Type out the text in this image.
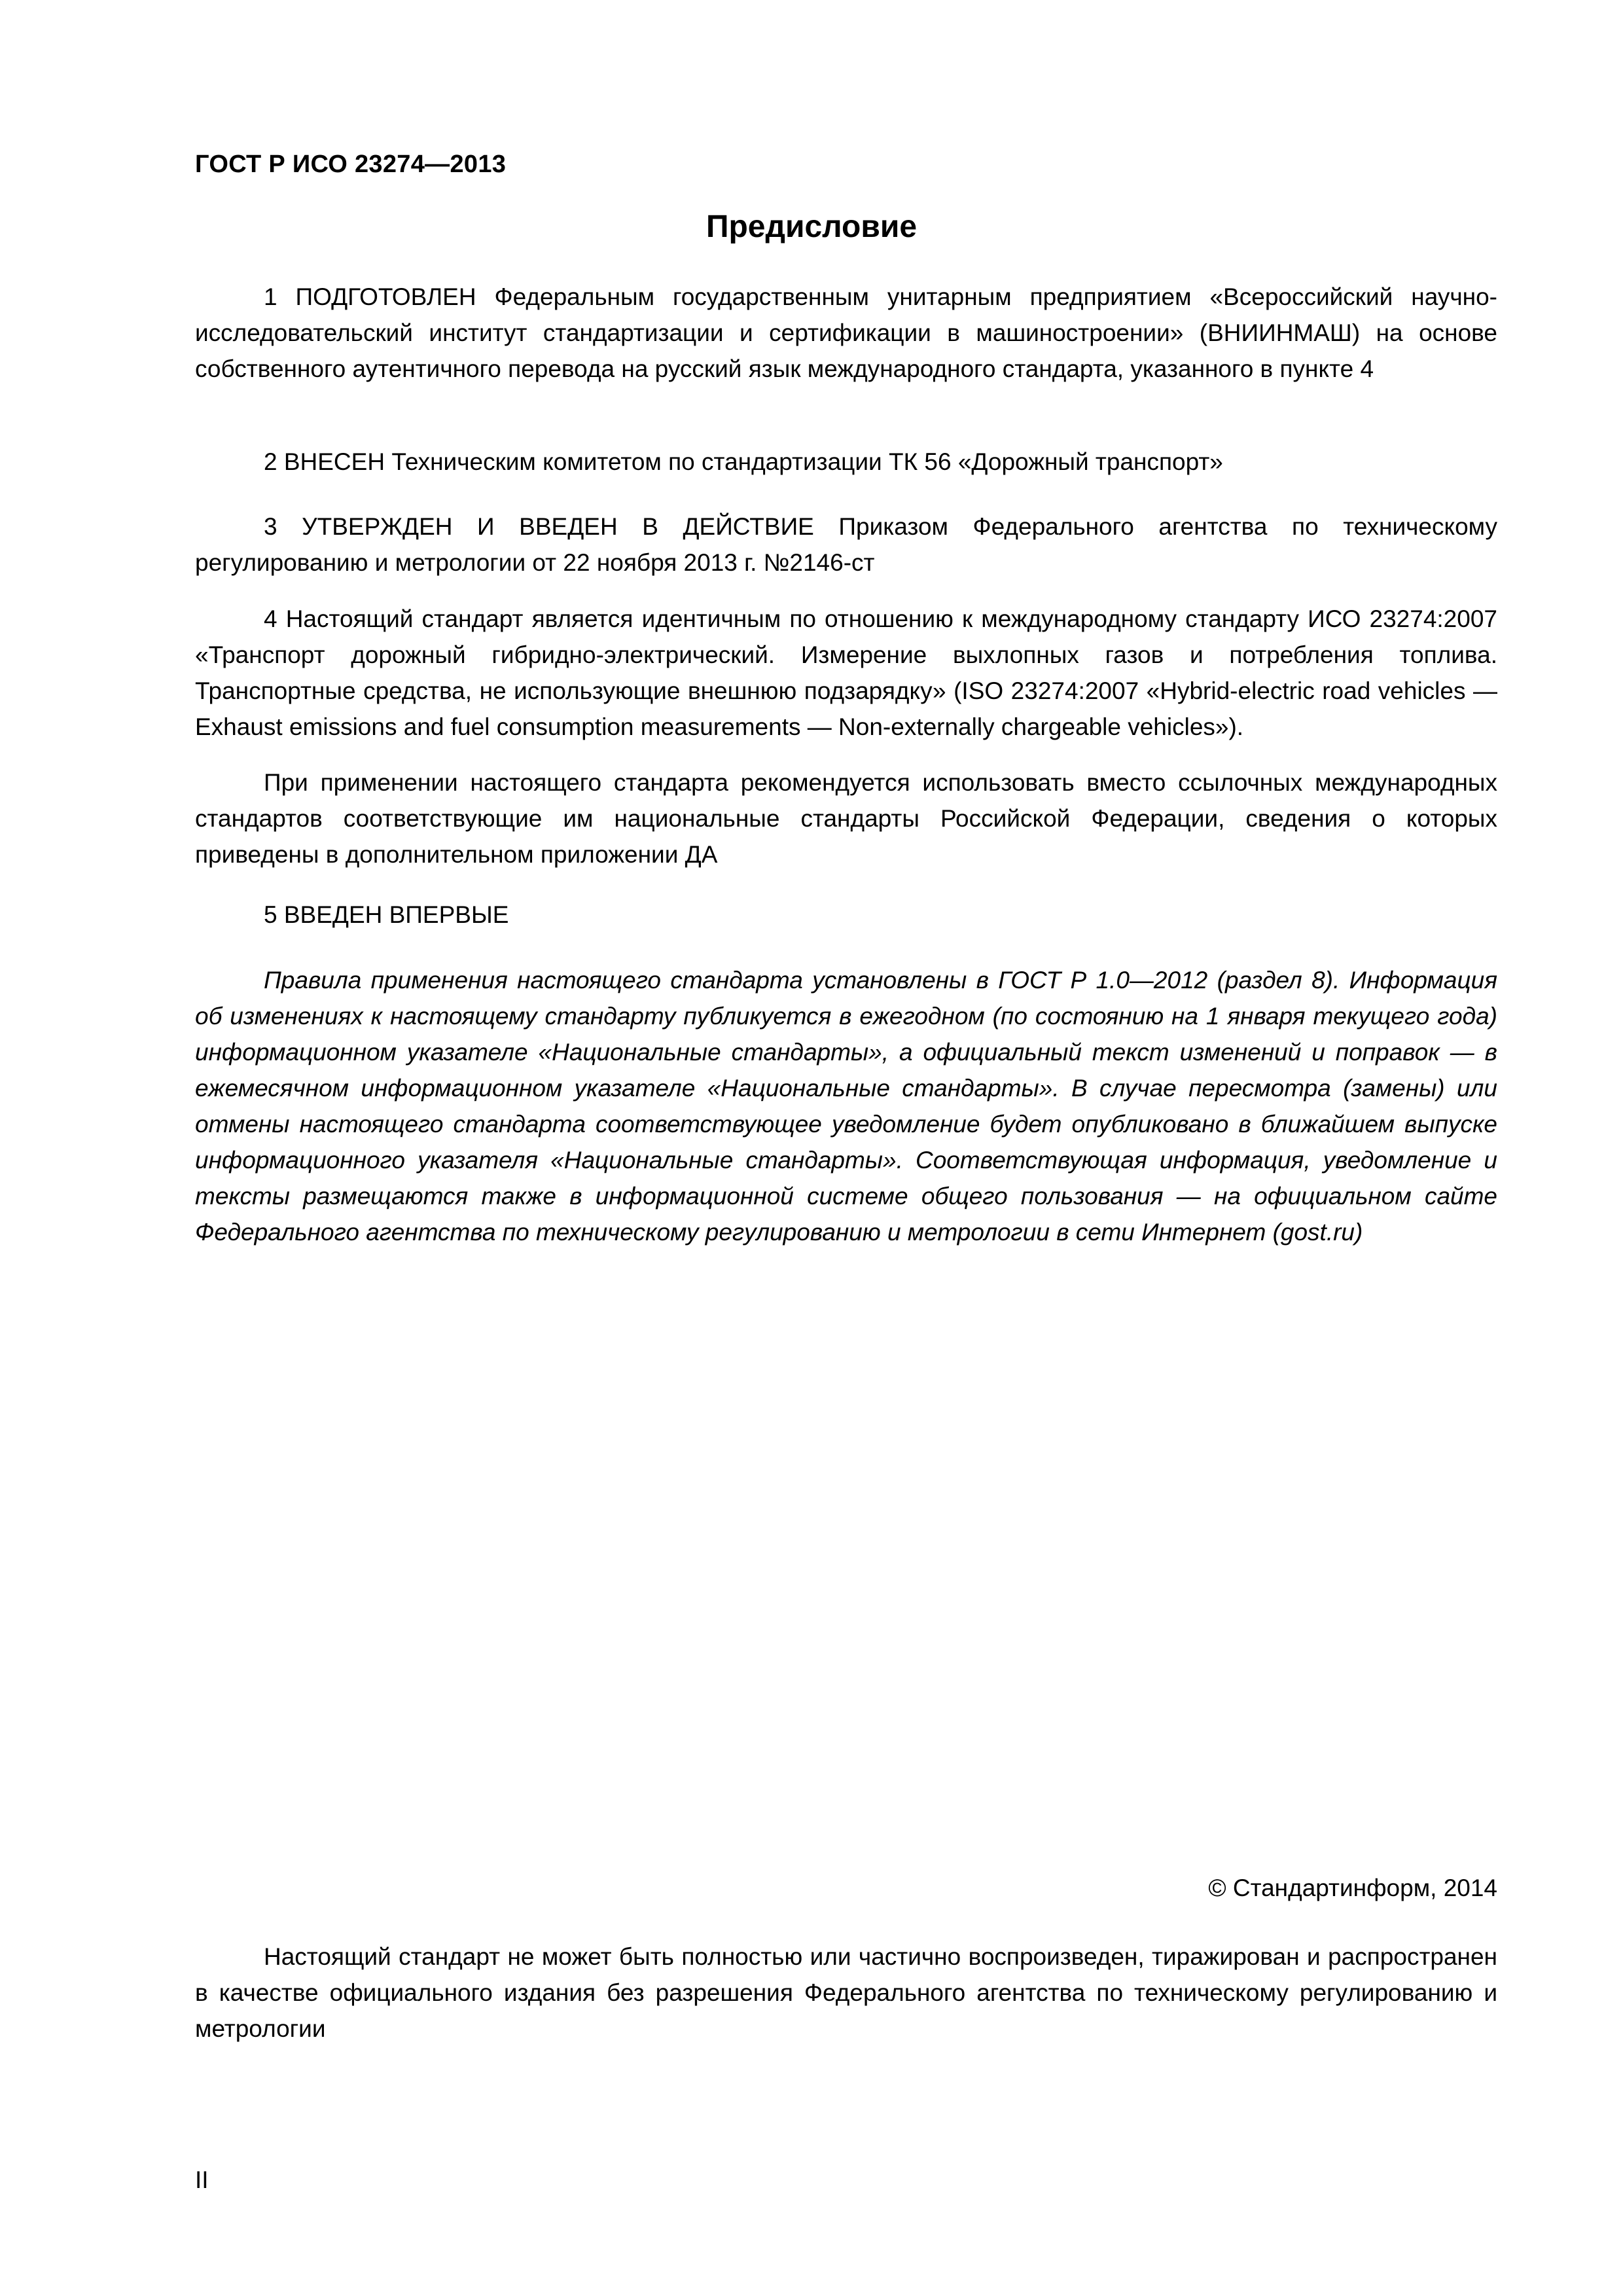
ГОСТ Р ИСО 23274—2013
Предисловие

1 ПОДГОТОВЛЕН Федеральным государственным унитарным предприятием «Всероссийский научно-исследовательский институт стандартизации и сертификации в машиностроении» (ВНИИНМАШ) на основе собственного аутентичного перевода на русский язык международного стандарта, указанного в пункте 4

2 ВНЕСЕН Техническим комитетом по стандартизации ТК 56 «Дорожный транспорт»

3 УТВЕРЖДЕН И ВВЕДЕН В ДЕЙСТВИЕ Приказом Федерального агентства по техническому регулированию и метрологии от 22 ноября 2013 г. №2146-ст

4 Настоящий стандарт является идентичным по отношению к международному стандарту ИСО 23274:2007 «Транспорт дорожный гибридно-электрический. Измерение выхлопных газов и потребления топлива. Транспортные средства, не использующие внешнюю подзарядку» (ISO 23274:2007 «Hybrid-electric road vehicles — Exhaust emissions and fuel consumption measurements — Non-externally chargeable vehicles»).

При применении настоящего стандарта рекомендуется использовать вместо ссылочных международных стандартов соответствующие им национальные стандарты Российской Федерации, сведения о которых приведены в дополнительном приложении ДА

5 ВВЕДЕН ВПЕРВЫЕ

Правила применения настоящего стандарта установлены в ГОСТ Р 1.0—2012 (раздел 8). Информация об изменениях к настоящему стандарту публикуется в ежегодном (по состоянию на 1 января текущего года) информационном указателе «Национальные стандарты», а официальный текст изменений и поправок — в ежемесячном информационном указателе «Национальные стандарты». В случае пересмотра (замены) или отмены настоящего стандарта соответствующее уведомление будет опубликовано в ближайшем выпуске информационного указателя «Национальные стандарты». Соответствующая информация, уведомление и тексты размещаются также в информационной системе общего пользования — на официальном сайте Федерального агентства по техническому регулированию и метрологии в сети Интернет (gost.ru)

© Стандартинформ, 2014

Настоящий стандарт не может быть полностью или частично воспроизведен, тиражирован и распространен в качестве официального издания без разрешения Федерального агентства по техническому регулированию и метрологии

II
